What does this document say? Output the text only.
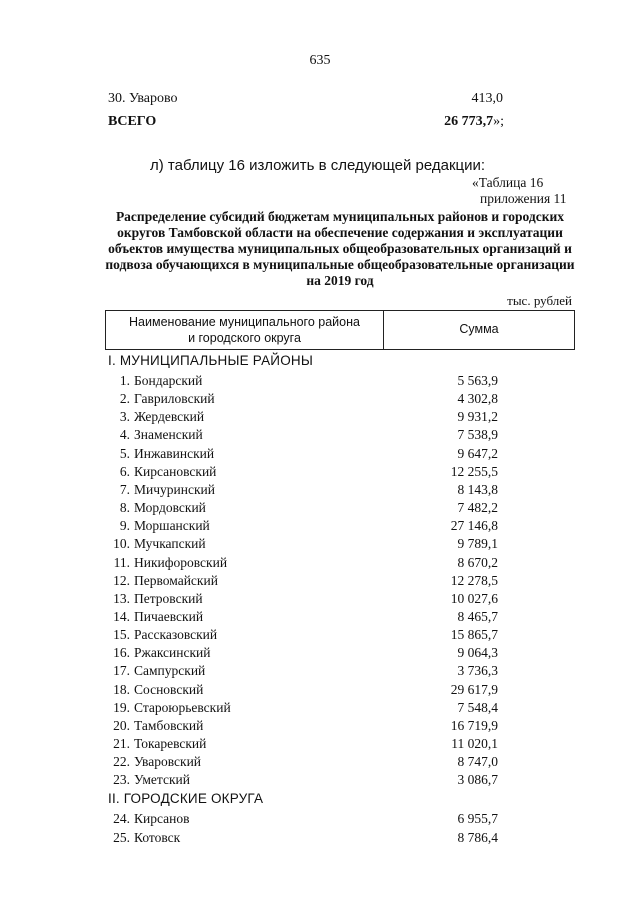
635
30. Уварово	413,0
ВСЕГО	26 773,7»;
л) таблицу 16 изложить в следующей редакции:
«Таблица 16
приложения 11
Распределение субсидий бюджетам муниципальных районов и городских округов Тамбовской области на обеспечение содержания и эксплуатации объектов имущества муниципальных общеобразовательных организаций и подвоза обучающихся в муниципальные общеобразовательные организации на 2019 год
тыс. рублей
Наименование муниципального района
и городского округа
Сумма
I. МУНИЦИПАЛЬНЫЕ РАЙОНЫ
1. Бондарский	5 563,9
2. Гавриловский	4 302,8
3. Жердевский	9 931,2
4. Знаменский	7 538,9
5. Инжавинский	9 647,2
6. Кирсановский	12 255,5
7. Мичуринский	8 143,8
8. Мордовский	7 482,2
9. Моршанский	27 146,8
10. Мучкапский	9 789,1
11. Никифоровский	8 670,2
12. Первомайский	12 278,5
13. Петровский	10 027,6
14. Пичаевский	8 465,7
15. Рассказовский	15 865,7
16. Ржаксинский	9 064,3
17. Сампурский	3 736,3
18. Сосновский	29 617,9
19. Староюрьевский	7 548,4
20. Тамбовский	16 719,9
21. Токаревский	11 020,1
22. Уваровский	8 747,0
23. Уметский	3 086,7
II. ГОРОДСКИЕ ОКРУГА
24. Кирсанов	6 955,7
25. Котовск	8 786,4
